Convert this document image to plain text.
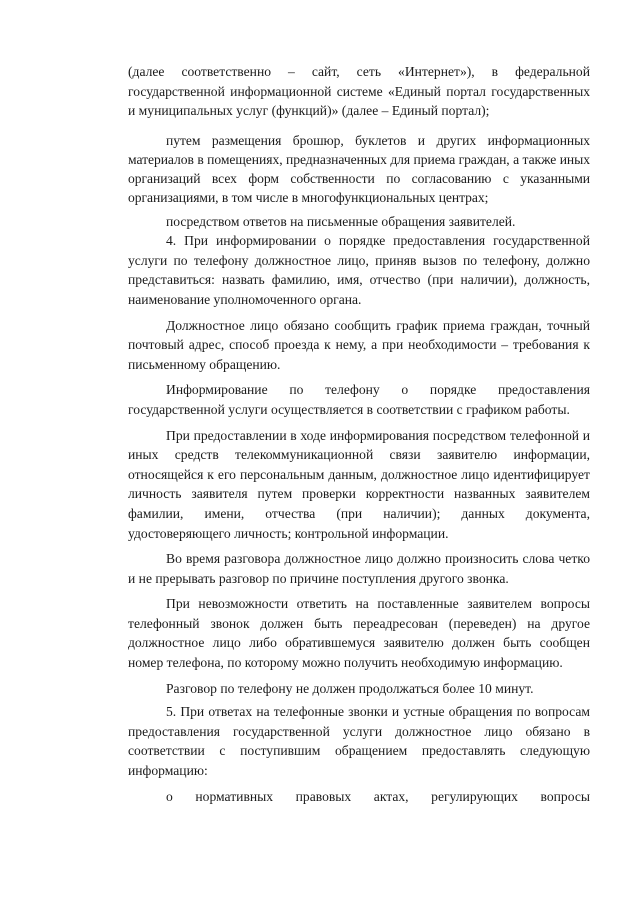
(далее соответственно – сайт, сеть «Интернет»), в федеральной государственной информационной системе «Единый портал государственных и муниципальных услуг (функций)» (далее – Единый портал);

путем размещения брошюр, буклетов и других информационных материалов в помещениях, предназначенных для приема граждан, а также иных организаций всех форм собственности по согласованию с указанными организациями, в том числе в многофункциональных центрах;

посредством ответов на письменные обращения заявителей.

4. При информировании о порядке предоставления государственной услуги по телефону должностное лицо, приняв вызов по телефону, должно представиться: назвать фамилию, имя, отчество (при наличии), должность, наименование уполномоченного органа.

Должностное лицо обязано сообщить график приема граждан, точный почтовый адрес, способ проезда к нему, а при необходимости – требования к письменному обращению.

Информирование по телефону о порядке предоставления государственной услуги осуществляется в соответствии с графиком работы.

При предоставлении в ходе информирования посредством телефонной и иных средств телекоммуникационной связи заявителю информации, относящейся к его персональным данным, должностное лицо идентифицирует личность заявителя путем проверки корректности названных заявителем фамилии, имени, отчества (при наличии); данных документа, удостоверяющего личность; контрольной информации.

Во время разговора должностное лицо должно произносить слова четко и не прерывать разговор по причине поступления другого звонка.

При невозможности ответить на поставленные заявителем вопросы телефонный звонок должен быть переадресован (переведен) на другое должностное лицо либо обратившемуся заявителю должен быть сообщен номер телефона, по которому можно получить необходимую информацию.

Разговор по телефону не должен продолжаться более 10 минут.

5. При ответах на телефонные звонки и устные обращения по вопросам предоставления государственной услуги должностное лицо обязано в соответствии с поступившим обращением предоставлять следующую информацию:

о нормативных правовых актах, регулирующих вопросы
